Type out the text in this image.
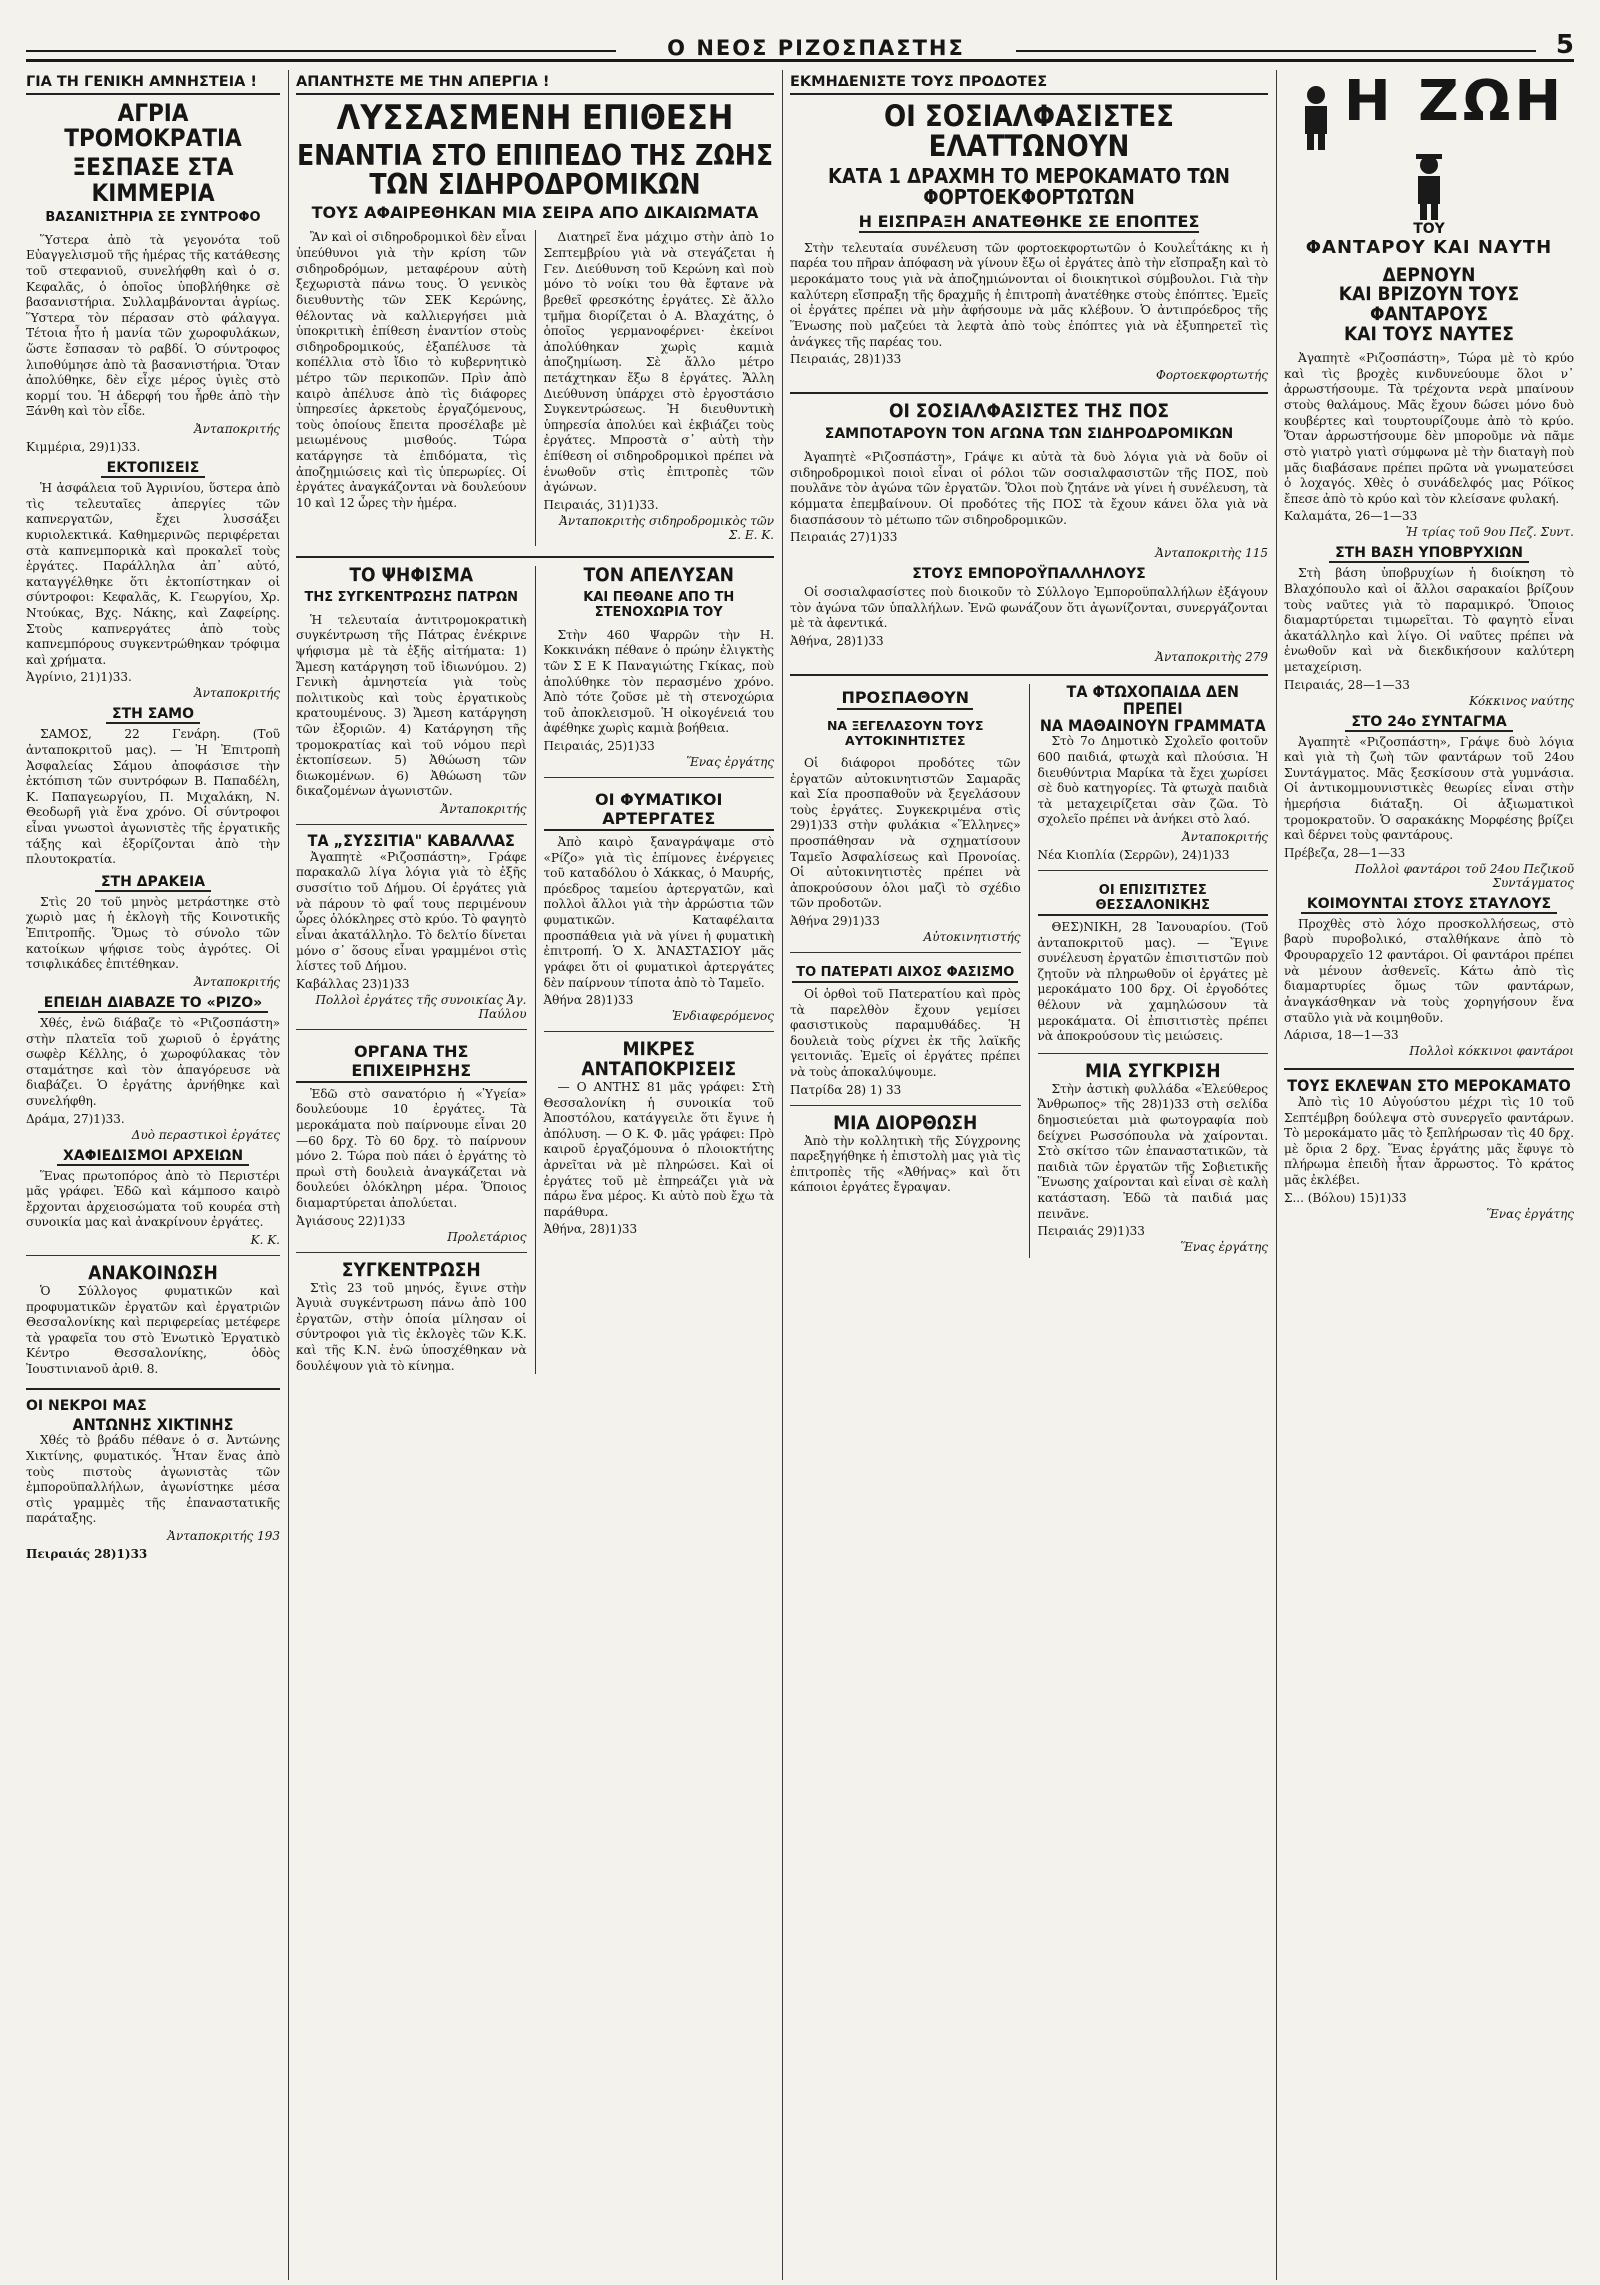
Ο ΝΕΟΣ ΡΙΖΟΣΠΑΣΤΗΣ	5
ΓΙΑ ΤΗ ΓΕΝΙΚΗ ΑΜΝΗΣΤΕΙΑ !
ΑΓΡΙΑ ΤΡΟΜΟΚΡΑΤΙΑ
ΞΕΣΠΑΣΕ ΣΤΑ ΚΙΜΜΕΡΙΑ
ΒΑΣΑΝΙΣΤΗΡΙΑ ΣΕ ΣΥΝΤΡΟΦΟ

Ὕστερα ἀπὸ τὰ γεγονότα τοῦ Εὐαγγελισμοῦ τῆς ἡμέρας τῆς κατάθεσης τοῦ στεφανιοῦ, συνελήφθη καὶ ὁ σ. Κεφαλᾶς, ὁ ὁποῖος ὑποβλήθηκε σὲ βασανιστήρια. Συλλαμβάνονται ἀγρίως. Ὕστερα τὸν πέρασαν στὸ φάλαγγα. Τέτοια ἦτο ἡ μανία τῶν χωροφυλάκων, ὥστε ἔσπασαν τὸ ραβδί. Ὁ σύντροφος λιποθύμησε ἀπὸ τὰ βασανιστήρια. Ὅταν ἀπολύθηκε, δὲν εἶχε μέρος ὑγιὲς στὸ κορμί του. Ἡ ἀδερφή του ἦρθε ἀπὸ τὴν Ξάνθη καὶ τὸν εἶδε.

Ἀνταποκριτής
Κιμμέρια, 29)1)33.
ΕΚΤΟΠΙΣΕΙΣ

Ἡ ἀσφάλεια τοῦ Ἀγρινίου, ὕστερα ἀπὸ τὶς τελευταῖες ἀπεργίες τῶν καπνεργατῶν, ἔχει λυσσάξει κυριολεκτικά. Καθημερινῶς περιφέρεται στὰ καπνεμπορικὰ καὶ προκαλεῖ τοὺς ἐργάτες. Παράλληλα ἀπ᾽ αὐτό, καταγγέλθηκε ὅτι ἐκτοπίστηκαν οἱ σύντροφοι: Κεφαλᾶς, Κ. Γεωργίου, Χρ. Ντούκας, Βχς. Νάκης, καὶ Ζαφείρης. Στοὺς καπνεργάτες ἀπὸ τοὺς καπνεμπόρους συγκεντρώθηκαν τρόφιμα καὶ χρήματα.

Ἀγρίνιο, 21)1)33.
Ἀνταποκριτής
ΣΤΗ ΣΑΜΟ

ΣΑΜΟΣ, 22 Γενάρη. (Τοῦ ἀνταποκριτοῦ μας). — Ἡ Ἐπιτροπὴ Ἀσφαλείας Σάμου ἀποφάσισε τὴν ἐκτόπιση τῶν συντρόφων Β. Παπαδέλη, Κ. Παπαγεωργίου, Π. Μιχαλάκη, Ν. Θεοδωρῆ γιὰ ἕνα χρόνο. Οἱ σύντροφοι εἶναι γνωστοὶ ἀγωνιστὲς τῆς ἐργατικῆς τάξης καὶ ἐξορίζονται ἀπὸ τὴν πλουτοκρατία.

ΣΤΗ ΔΡΑΚΕΙΑ

Στὶς 20 τοῦ μηνὸς μετράστηκε στὸ χωριὸ μας ἡ ἐκλογὴ τῆς Κοινοτικῆς Ἐπιτροπῆς. Ὅμως τὸ σύνολο τῶν κατοίκων ψήφισε τοὺς ἀγρότες. Οἱ τσιφλικάδες ἐπιτέθηκαν.

Ἀνταποκριτής
ΕΠΕΙΔΗ ΔΙΑΒΑΖΕ ΤΟ «ΡΙΖΟ»

Χθές, ἐνῶ διάβαζε τὸ «Ριζοσπάστη» στὴν πλατεῖα τοῦ χωριοῦ ὁ ἐργάτης σωφὲρ Κέλλης, ὁ χωροφύλακας τὸν σταμάτησε καὶ τὸν ἀπαγόρευσε νὰ διαβάζει. Ὁ ἐργάτης ἀρνήθηκε καὶ συνελήφθη.

Δράμα, 27)1)33.
Δυὸ περαστικοὶ ἐργάτες
ΧΑΦΙΕΔΙΣΜΟΙ ΑΡΧΕΙΩΝ

Ἕνας πρωτοπόρος ἀπὸ τὸ Περιστέρι μᾶς γράφει. Ἐδῶ καὶ κάμποσο καιρὸ ἔρχονται ἀρχειοσώματα τοῦ κουρέα στὴ συνοικία μας καὶ ἀνακρίνουν ἐργάτες.

Κ. Κ.
ΑΝΑΚΟΙΝΩΣΗ

Ὁ Σύλλογος φυματικῶν καὶ προφυματικῶν ἐργατῶν καὶ ἐργατριῶν Θεσσαλονίκης καὶ περιφερείας μετέφερε τὰ γραφεῖα του στὸ Ἐνωτικὸ Ἐργατικὸ Κέντρο Θεσσαλονίκης, ὁδὸς Ἰουστινιανοῦ ἀριθ. 8.

ΟΙ ΝΕΚΡΟΙ ΜΑΣ
ΑΝΤΩΝΗΣ ΧΙΚΤΙΝΗΣ

Χθές τὸ βράδυ πέθανε ὁ σ. Ἀντώνης Χικτίνης, φυματικός. Ἦταν ἕνας ἀπὸ τοὺς πιστοὺς ἀγωνιστὰς τῶν ἐμποροϋπαλλήλων, ἀγωνίστηκε μέσα στὶς γραμμὲς τῆς ἐπαναστατικῆς παράταξης.

Ἀνταποκριτής 193
Πειραιάς 28)1)33
ΑΠΑΝΤΗΣΤΕ ΜΕ ΤΗΝ ΑΠΕΡΓΙΑ !
ΛΥΣΣΑΣΜΕΝΗ ΕΠΙΘΕΣΗ
ΕΝΑΝΤΙΑ ΣΤΟ ΕΠΙΠΕΔΟ ΤΗΣ ΖΩΗΣ ΤΩΝ ΣΙΔΗΡΟΔΡΟΜΙΚΩΝ
ΤΟΥΣ ΑΦΑΙΡΕΘΗΚΑΝ ΜΙΑ ΣΕΙΡΑ ΑΠΟ ΔΙΚΑΙΩΜΑΤΑ

Ἂν καὶ οἱ σιδηροδρομικοὶ δὲν εἶναι ὑπεύθυνοι γιὰ τὴν κρίση τῶν σιδηροδρόμων, μεταφέρουν αὐτὴ ξεχωριστὰ πάνω τους. Ὁ γενικὸς διευθυντὴς τῶν ΣΕΚ Κερώνης, θέλοντας νὰ καλλιεργήσει μιὰ ὑποκριτικὴ ἐπίθεση ἐναντίον στοὺς σιδηροδρομικούς, ἐξαπέλυσε τὰ κοπέλλια στὸ ἴδιο τὸ κυβερνητικὸ μέτρο τῶν περικοπῶν. Πρὶν ἀπὸ καιρὸ ἀπέλυσε ἀπὸ τὶς διάφορες ὑπηρεσίες ἀρκετοὺς ἐργαζόμενους, τοὺς ὁποίους ἔπειτα προσέλαβε μὲ μειωμένους μισθούς. Τώρα κατάργησε τὰ ἐπιδόματα, τὶς ἀποζημιώσεις καὶ τὶς ὑπερωρίες. Οἱ ἐργάτες ἀναγκάζονται νὰ δουλεύουν 10 καὶ 12 ὧρες τὴν ἡμέρα.

Διατηρεῖ ἕνα μάχιμο στὴν ἀπὸ 1ο Σεπτεμβρίου γιὰ νὰ στεγάζεται ἡ Γεν. Διεύθυνση τοῦ Κερώνη καὶ ποὺ μόνο τὸ νοίκι του θὰ ἔφτανε νὰ βρεθεῖ φρεσκότης ἐργάτες. Σὲ ἄλλο τμῆμα διορίζεται ὁ Α. Βλαχάτης, ὁ ὁποῖος γερμανοφέρνει· ἐκείνοι ἀπολύθηκαν χωρὶς καμιὰ ἀποζημίωση. Σὲ ἄλλο μέτρο πετάχτηκαν ἔξω 8 ἐργάτες. Ἄλλη Διεύθυνση ὑπάρχει στὸ ἐργοστάσιο Συγκεντρώσεως. Ἡ διευθυντικὴ ὑπηρεσία ἀπολύει καὶ ἐκβιάζει τοὺς ἐργάτες. Μπροστὰ σ᾽ αὐτὴ τὴν ἐπίθεση οἱ σιδηροδρομικοὶ πρέπει νὰ ἑνωθοῦν στὶς ἐπιτροπὲς τῶν ἀγώνων.

Πειραιάς, 31)1)33.
Ἀνταποκριτὴς σιδηροδρομικὸς τῶν Σ. Ε. Κ.
ΤΟ ΨΗΦΙΣΜΑ
ΤΗΣ ΣΥΓΚΕΝΤΡΩΣΗΣ ΠΑΤΡΩΝ

Ἡ τελευταία ἀντιτρομοκρατικὴ συγκέντρωση τῆς Πάτρας ἐνέκρινε ψήφισμα μὲ τὰ ἑξῆς αἰτήματα: 1) Ἄμεση κατάργηση τοῦ ἰδιωνύμου. 2) Γενικὴ ἀμνηστεία γιὰ τοὺς πολιτικοὺς καὶ τοὺς ἐργατικοὺς κρατουμένους. 3) Ἄμεση κατάργηση τῶν ἐξοριῶν. 4) Κατάργηση τῆς τρομοκρατίας καὶ τοῦ νόμου περὶ ἐκτοπίσεων. 5) Ἀθώωση τῶν διωκομένων. 6) Ἀθώωση τῶν δικαζομένων ἀγωνιστῶν.

Ἀνταποκριτής
ΤΑ „ΣΥΣΣΙΤΙΑ" ΚΑΒΑΛΛΑΣ

Ἀγαπητὲ «Ριζοσπάστη», Γράφε παρακαλῶ λίγα λόγια γιὰ τὸ ἐξῆς συσσίτιο τοῦ Δήμου. Οἱ ἐργάτες γιὰ νὰ πάρουν τὸ φαΐ τους περιμένουν ὧρες ὁλόκληρες στὸ κρύο. Τὸ φαγητὸ εἶναι ἀκατάλληλο. Τὸ δελτίο δίνεται μόνο σ᾽ ὅσους εἶναι γραμμένοι στὶς λίστες τοῦ Δήμου.

Καβάλλας 23)1)33
Πολλοὶ ἐργάτες τῆς συνοικίας Ἁγ. Παύλου
ΟΡΓΑΝΑ ΤΗΣ ΕΠΙΧΕΙΡΗΣΗΣ

Ἐδῶ στὸ σανατόριο ἡ «Ὑγεία» δουλεύουμε 10 ἐργάτες. Τὰ μεροκάματα ποὺ παίρνουμε εἶναι 20—60 δρχ. Τὸ 60 δρχ. τὸ παίρνουν μόνο 2. Τώρα ποὺ πάει ὁ ἐργάτης τὸ πρωὶ στὴ δουλειὰ ἀναγκάζεται νὰ δουλεύει ὁλόκληρη μέρα. Ὅποιος διαμαρτύρεται ἀπολύεται.

Ἀγιάσους 22)1)33
Προλετάριος
ΣΥΓΚΕΝΤΡΩΣΗ

Στὶς 23 τοῦ μηνός, ἔγινε στὴν Ἀγυιὰ συγκέντρωση πάνω ἀπὸ 100 ἐργατῶν, στὴν ὁποία μίλησαν οἱ σύντροφοι γιὰ τὶς ἐκλογὲς τῶν Κ.Κ. καὶ τῆς Κ.Ν. ἐνῶ ὑποσχέθηκαν νὰ δουλέψουν γιὰ τὸ κίνημα.

ΤΟΝ ΑΠΕΛΥΣΑΝ
ΚΑΙ ΠΕΘΑΝΕ ΑΠΟ ΤΗ ΣΤΕΝΟΧΩΡΙΑ ΤΟΥ

Στὴν 460 Ψαρρῶν τὴν Η. Κοκκινάκη πέθανε ὁ πρώην ἐλιγκτὴς τῶν Σ Ε Κ Παναγιώτης Γκίκας, ποὺ ἀπολύθηκε τὸν περασμένο χρόνο. Ἀπὸ τότε ζοῦσε μὲ τὴ στενοχώρια τοῦ ἀποκλεισμοῦ. Ἡ οἰκογένειά του ἀφέθηκε χωρὶς καμιὰ βοήθεια.

Πειραιάς, 25)1)33
Ἕνας ἐργάτης
ΟΙ ΦΥΜΑΤΙΚΟΙ ΑΡΤΕΡΓΑΤΕΣ

Ἀπὸ καιρὸ ξαναγράψαμε στὸ «Ρίζο» γιὰ τὶς ἐπίμονες ἐνέργειες τοῦ καταδόλου ὁ Χάκκας, ὁ Μαυρής, πρόεδρος ταμείου ἀρτεργατῶν, καὶ πολλοὶ ἄλλοι γιὰ τὴν ἀρρώστια τῶν φυματικῶν. Καταφέλαιτα προσπάθεια γιὰ νὰ γίνει ἡ φυματικὴ ἐπιτροπή. Ὁ Χ. ἈΝΑΣΤΑΣΙΟΥ μᾶς γράφει ὅτι οἱ φυματικοὶ ἀρτεργάτες δὲν παίρνουν τίποτα ἀπὸ τὸ Ταμεῖο.

Ἀθήνα 28)1)33
Ἐνδιαφερόμενος
ΜΙΚΡΕΣ ΑΝΤΑΠΟΚΡΙΣΕΙΣ

— Ο ΑΝΤΗΣ 81 μᾶς γράφει: Στὴ Θεσσαλονίκη ἡ συνοικία τοῦ Ἀποστόλου, κατάγγειλε ὅτι ἔγινε ἡ ἀπόλυση. — Ο Κ. Φ. μᾶς γράφει: Πρὸ καιροῦ ἐργαζόμουνα ὁ πλοιοκτήτης ἀρνεῖται νὰ μὲ πληρώσει. Καὶ οἱ ἐργάτες τοῦ μὲ ἐπηρεάζει γιὰ νὰ πάρω ἕνα μέρος. Κι αὐτὸ ποὺ ἔχω τὰ παράθυρα.

Ἀθήνα, 28)1)33
ΕΚΜΗΔΕΝΙΣΤΕ ΤΟΥΣ ΠΡΟΔΟΤΕΣ
ΟΙ ΣΟΣΙΑΛΦΑΣΙΣΤΕΣ ΕΛΑΤΤΩΝΟΥΝ
ΚΑΤΑ 1 ΔΡΑΧΜΗ ΤΟ ΜΕΡΟΚΑΜΑΤΟ ΤΩΝ ΦΟΡΤΟΕΚΦΟΡΤΩΤΩΝ
Η ΕΙΣΠΡΑΞΗ ΑΝΑΤΕΘΗΚΕ ΣΕ ΕΠΟΠΤΕΣ

Στὴν τελευταία συνέλευση τῶν φορτοεκφορτωτῶν ὁ Κουλεΐτάκης κι ἡ παρέα του πῆραν ἀπόφαση νὰ γίνουν ἔξω οἱ ἐργάτες ἀπὸ τὴν εἴσπραξη καὶ τὸ μεροκάματο τους γιὰ νὰ ἀποζημιώνονται οἱ διοικητικοὶ σύμβουλοι. Γιὰ τὴν καλύτερη εἴσπραξη τῆς δραχμῆς ἡ ἐπιτροπὴ ἀνατέθηκε στοὺς ἐπόπτες. Ἐμεῖς οἱ ἐργάτες πρέπει νὰ μὴν ἀφήσουμε νὰ μᾶς κλέβουν. Ὁ ἀντιπρόεδρος τῆς Ἕνωσης ποὺ μαζεύει τὰ λεφτὰ ἀπὸ τοὺς ἐπόπτες γιὰ νὰ ἐξυπηρετεῖ τὶς ἀνάγκες τῆς παρέας του.

Πειραιάς, 28)1)33
Φορτοεκφορτωτής
ΟΙ ΣΟΣΙΑΛΦΑΣΙΣΤΕΣ ΤΗΣ ΠΟΣ
ΣΑΜΠΟΤΑΡΟΥΝ ΤΟΝ ΑΓΩΝΑ ΤΩΝ ΣΙΔΗΡΟΔΡΟΜΙΚΩΝ

Ἀγαπητὲ «Ριζοσπάστη», Γράψε κι αὐτὰ τὰ δυὸ λόγια γιὰ νὰ δοῦν οἱ σιδηροδρομικοὶ ποιοὶ εἶναι οἱ ρόλοι τῶν σοσιαλφασιστῶν τῆς ΠΟΣ, ποὺ πουλᾶνε τὸν ἀγώνα τῶν ἐργατῶν. Ὅλοι ποὺ ζητάνε νὰ γίνει ἡ συνέλευση, τὰ κόμματα ἐπεμβαίνουν. Οἱ προδότες τῆς ΠΟΣ τὰ ἔχουν κάνει ὅλα γιὰ νὰ διασπάσουν τὸ μέτωπο τῶν σιδηροδρομικῶν.

Πειραιάς 27)1)33
Ἀνταποκριτὴς 115
ΣΤΟΥΣ ΕΜΠΟΡΟΫΠΑΛΛΗΛΟΥΣ

Οἱ σοσιαλφασίστες ποὺ διοικοῦν τὸ Σύλλογο Ἐμποροϋπαλλήλων ἐξάγουν τὸν ἀγώνα τῶν ὑπαλλήλων. Ἐνῶ φωνάζουν ὅτι ἀγωνίζονται, συνεργάζονται μὲ τὰ ἀφεντικά.

Ἀθήνα, 28)1)33
Ἀνταποκριτὴς 279
ΠΡΟΣΠΑΘΟΥΝ
ΝΑ ΞΕΓΕΛΑΣΟΥΝ ΤΟΥΣ ΑΥΤΟΚΙΝΗΤΙΣΤΕΣ

Οἱ διάφοροι προδότες τῶν ἐργατῶν αὐτοκινητιστῶν Σαμαρᾶς καὶ Σία προσπαθοῦν νὰ ξεγελάσουν τοὺς ἐργάτες. Συγκεκριμένα στὶς 29)1)33 στὴν φυλάκια «Ἕλληνες» προσπάθησαν νὰ σχηματίσουν Ταμεῖο Ἀσφαλίσεως καὶ Προνοίας. Οἱ αὐτοκινητιστὲς πρέπει νὰ ἀποκρούσουν ὁλοι μαζὶ τὸ σχέδιο τῶν προδοτῶν.

Ἀθήνα 29)1)33
Αὐτοκινητιστής
ΤΟ ΠΑΤΕΡΑΤΙ ΑΙΧΟΣ ΦΑΣΙΣΜΟ

Οἱ ὁρθοὶ τοῦ Πατερατίου καὶ πρὸς τὰ παρελθὸν ἔχουν γεμίσει φασιστικοὺς παραμυθάδες. Ἡ δουλειὰ τοὺς ρίχνει ἐκ τῆς λαϊκῆς γειτονιᾶς. Ἐμεῖς οἱ ἐργάτες πρέπει νὰ τοὺς ἀποκαλύψουμε.

Πατρίδα 28) 1) 33
ΜΙΑ ΔΙΟΡΘΩΣΗ

Ἀπὸ τὴν κολλητικὴ τῆς Σύγχρονης παρεξηγήθηκε ἡ ἐπιστολὴ μας γιὰ τὶς ἐπιτροπὲς τῆς «Ἀθήνας» καὶ ὅτι κάποιοι ἐργάτες ἔγραψαν.

ΤΑ ΦΤΩΧΟΠΑΙΔΑ ΔΕΝ ΠΡΕΠΕΙ
ΝΑ ΜΑΘΑΙΝΟΥΝ ΓΡΑΜΜΑΤΑ

Στὸ 7ο Δημοτικὸ Σχολεῖο φοιτοῦν 600 παιδιά, φτωχὰ καὶ πλούσια. Ἡ διευθύντρια Μαρίκα τὰ ἔχει χωρίσει σὲ δυὸ κατηγορίες. Τὰ φτωχὰ παιδιὰ τὰ μεταχειρίζεται σὰν ζῶα. Τὸ σχολεῖο πρέπει νὰ ἀνήκει στὸ λαό.

Ἀνταποκριτής
Νέα Κιοπλία (Σερρῶν), 24)1)33
ΟΙ ΕΠΙΣΙΤΙΣΤΕΣ ΘΕΣΣΑΛΟΝΙΚΗΣ

ΘΕΣ)ΝΙΚΗ, 28 Ἰανουαρίου. (Τοῦ ἀνταποκριτοῦ μας). — Ἔγινε συνέλευση ἐργατῶν ἐπισιτιστῶν ποὺ ζητοῦν νὰ πληρωθοῦν οἱ ἐργάτες μὲ μεροκάματο 100 δρχ. Οἱ ἐργοδότες θέλουν νὰ χαμηλώσουν τὰ μεροκάματα. Οἱ ἐπισιτιστὲς πρέπει νὰ ἀποκρούσουν τὶς μειώσεις.

ΜΙΑ ΣΥΓΚΡΙΣΗ

Στὴν ἀστικὴ φυλλάδα «Ἐλεύθερος Ἄνθρωπος» τῆς 28)1)33 στὴ σελίδα δημοσιεύεται μιὰ φωτογραφία ποὺ δείχνει Ρωσσόπουλα νὰ χαίρονται. Στὸ σκίτσο τῶν ἐπαναστατικῶν, τὰ παιδιὰ τῶν ἐργατῶν τῆς Σοβιετικῆς Ἕνωσης χαίρονται καὶ εἶναι σὲ καλὴ κατάσταση. Ἐδῶ τὰ παιδιά μας πεινᾶνε.

Πειραιάς 29)1)33
Ἕνας ἐργάτης
Η ΖΩΗ
ΤΟΥ
ΦΑΝΤΑΡΟΥ ΚΑΙ ΝΑΥΤΗ
ΔΕΡΝΟΥΝ
ΚΑΙ ΒΡΙΖΟΥΝ ΤΟΥΣ ΦΑΝΤΑΡΟΥΣ
ΚΑΙ ΤΟΥΣ ΝΑΥΤΕΣ

Ἀγαπητὲ «Ριζοσπάστη», Τώρα μὲ τὸ κρύο καὶ τὶς βροχὲς κινδυνεύουμε ὅλοι ν᾽ ἀρρωστήσουμε. Τὰ τρέχοντα νερὰ μπαίνουν στοὺς θαλάμους. Μᾶς ἔχουν δώσει μόνο δυὸ κουβέρτες καὶ τουρτουρίζουμε ἀπὸ τὸ κρύο. Ὅταν ἀρρωστήσουμε δὲν μποροῦμε νὰ πᾶμε στὸ γιατρὸ γιατὶ σύμφωνα μὲ τὴν διαταγὴ ποὺ μᾶς διαβάσανε πρέπει πρῶτα νὰ γνωματεύσει ὁ λοχαγός. Χθὲς ὁ συνάδελφός μας Ρόϊκος ἔπεσε ἀπὸ τὸ κρύο καὶ τὸν κλείσανε φυλακή.

Καλαμάτα, 26—1—33
Ἡ τρίας τοῦ 9ου Πεζ. Συντ.
ΣΤΗ ΒΑΣΗ ΥΠΟΒΡΥΧΙΩΝ

Στὴ βάση ὑποβρυχίων ἡ διοίκηση τὸ Βλαχόπουλο καὶ οἱ ἄλλοι σαρακαίοι βρίζουν τοὺς ναῦτες γιὰ τὸ παραμικρό. Ὅποιος διαμαρτύρεται τιμωρεῖται. Τὸ φαγητὸ εἶναι ἀκατάλληλο καὶ λίγο. Οἱ ναῦτες πρέπει νὰ ἑνωθοῦν καὶ νὰ διεκδικήσουν καλύτερη μεταχείριση.

Πειραιάς, 28—1—33
Κόκκινος ναύτης
ΣΤΟ 24ο ΣΥΝΤΑΓΜΑ

Ἀγαπητὲ «Ριζοσπάστη», Γράψε δυὸ λόγια καὶ γιὰ τὴ ζωὴ τῶν φαντάρων τοῦ 24ου Συντάγματος. Μᾶς ξεσκίσουν στὰ γυμνάσια. Οἱ ἀντικομμουνιστικὲς θεωρίες εἶναι στὴν ἡμερήσια διάταξη. Οἱ ἀξιωματικοὶ τρομοκρατοῦν. Ὁ σαρακάκης Μορφέσης βρίζει καὶ δέρνει τοὺς φαντάρους.

Πρέβεζα, 28—1—33
Πολλοὶ φαντάροι τοῦ 24ου Πεζικοῦ Συντάγματος
ΚΟΙΜΟΥΝΤΑΙ ΣΤΟΥΣ ΣΤΑΥΛΟΥΣ

Προχθὲς στὸ λόχο προσκολλήσεως, στὸ βαρὺ πυροβολικό, σταλθήκανε ἀπὸ τὸ Φρουραρχεῖο 12 φαντάροι. Οἱ φαντάροι πρέπει νὰ μένουν ἀσθενεῖς. Κάτω ἀπὸ τὶς διαμαρτυρίες ὅμως τῶν φαντάρων, ἀναγκάσθηκαν νὰ τοὺς χορηγήσουν ἕνα σταῦλο γιὰ νὰ κοιμηθοῦν.

Λάρισα, 18—1—33
Πολλοὶ κόκκινοι φαντάροι
ΤΟΥΣ ΕΚΛΕΨΑΝ ΣΤΟ ΜΕΡΟΚΑΜΑΤΟ

Ἀπὸ τὶς 10 Αὐγούστου μέχρι τὶς 10 τοῦ Σεπτέμβρη δούλεψα στὸ συνεργεῖο φαντάρων. Τὸ μεροκάματο μᾶς τὸ ξεπλήρωσαν τὶς 40 δρχ. μὲ ὅρια 2 δρχ. Ἕνας ἐργάτης μᾶς ἔφυγε τὸ πλήρωμα ἐπειδὴ ἦταν ἄρρωστος. Τὸ κράτος μᾶς ἐκλέβει.

Σ... (Βόλου) 15)1)33
Ἕνας ἐργάτης
